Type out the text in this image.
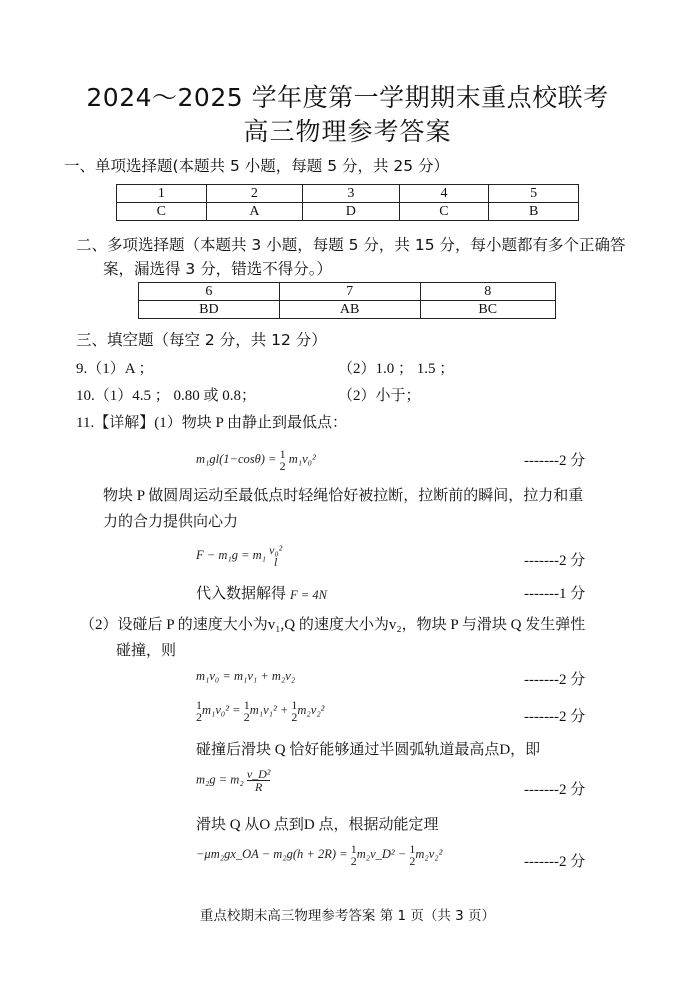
2024～2025 学年度第一学期期末重点校联考
高三物理参考答案
一、单项选择题(本题共 5 小题，每题 5 分，共 25 分）
1	2	3	4	5
C	A	D	C	B
二、多项选择题（本题共 3 小题，每题 5 分，共 15 分，每小题都有多个正确答
案，漏选得 3 分，错选不得分。）
6	7	8
BD	AB	BC
三、填空题（每空 2 分，共 12 分）
9.（1）A ；	（2）1.0 ； 1.5 ；
10.（1）4.5 ； 0.80 或 0.8；	（2）小于；
11.【详解】(1）物块 P 由静止到最低点：
m₁gl(1−cosθ) = 1
2
m₁v₀²	-------2 分
物块 P 做圆周运动至最低点时轻绳恰好被拉断，拉断前的瞬间，拉力和重
力的合力提供向心力
F − m₁g = m₁ v₀²
l	-------2 分
代入数据解得 F = 4N	-------1 分
（2）设碰后 P 的速度大小为v₁,Q 的速度大小为v₂，物块 P 与滑块 Q 发生弹性
碰撞，则
m₁v₀ = m₁v₁ + m₂v₂	-------2 分
1
2
m₁v₀² = 1
2
m₁v₁² + 1
2
m₂v₂²	-------2 分
碰撞后滑块 Q 恰好能够通过半圆弧轨道最高点D，即
$m_2g = m_2 \frac{\text{v\_D²}}{R}$	-------2 分
滑块 Q 从O 点到D 点，根据动能定理
−μm₂gx_OA − m₂g(h + 2R) = 1
2
m₂v_D² − 1
2
m₂v₂²
-------2 分
重点校期末高三物理参考答案 第 1 页（共 3 页）
